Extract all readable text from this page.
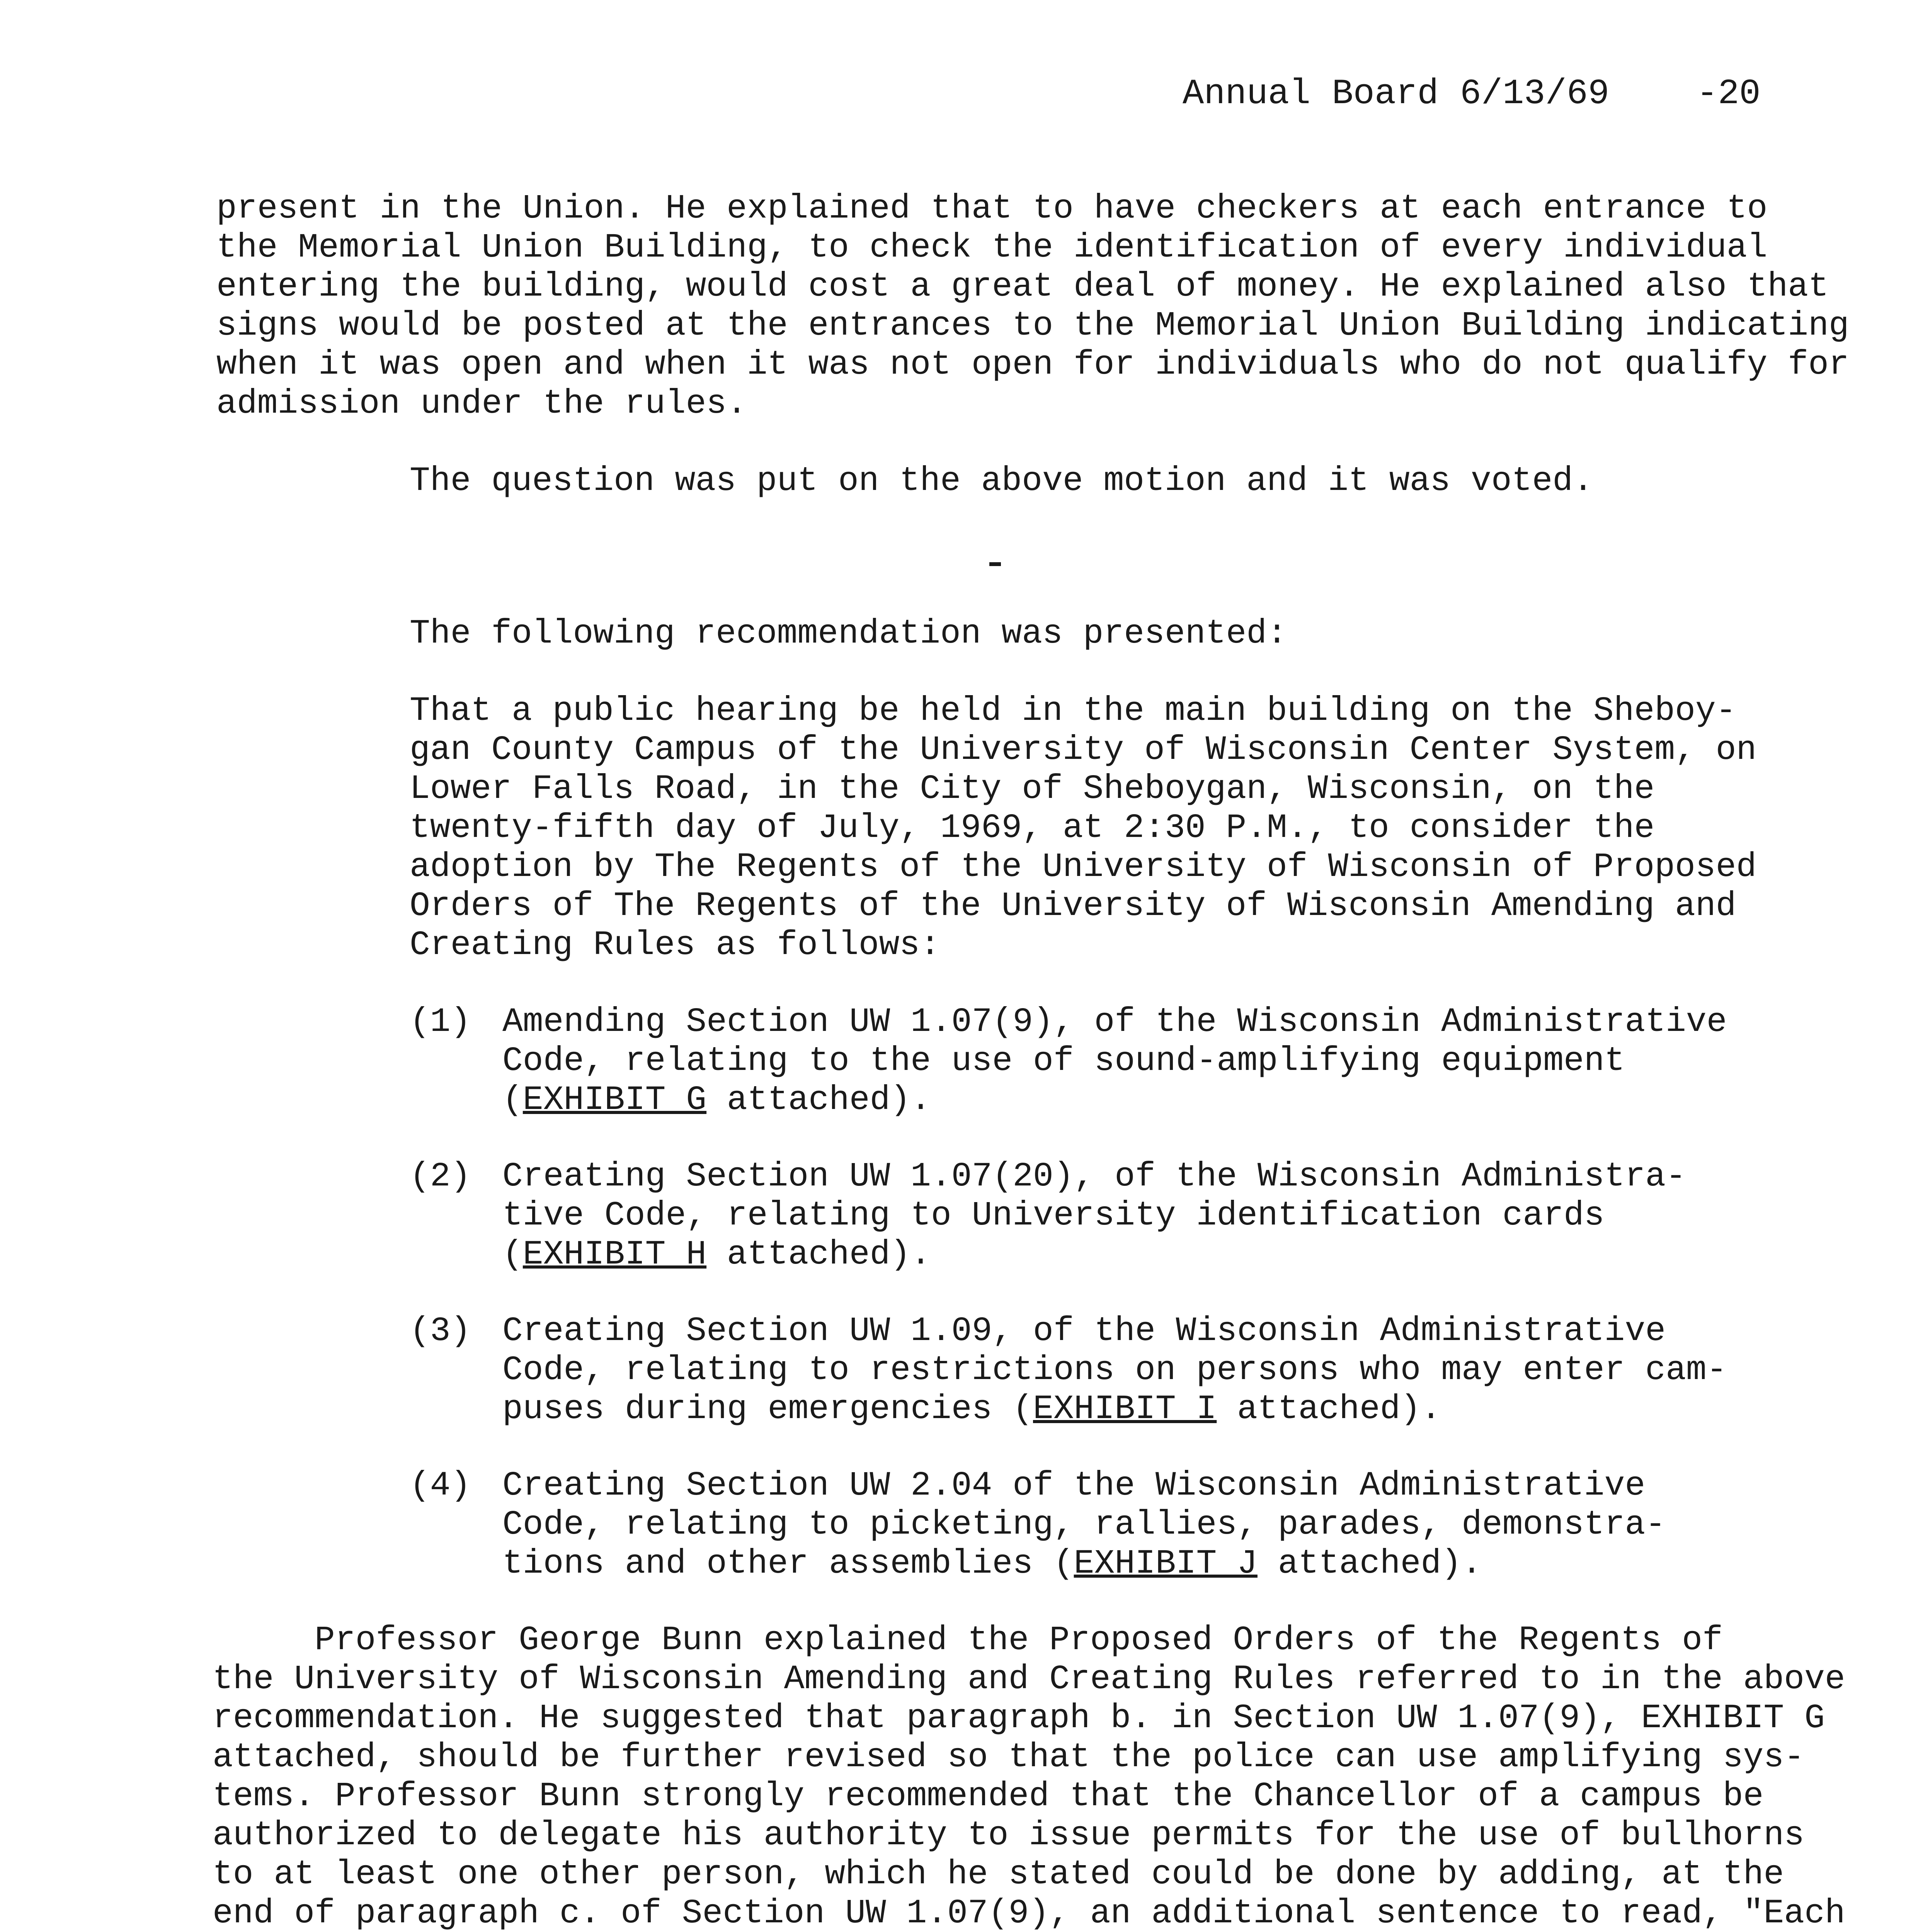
Annual Board 6/13/69 -20
present in the Union. He explained that to have checkers at each entrance to
the Memorial Union Building, to check the identification of every individual
entering the building, would cost a great deal of money. He explained also that
signs would be posted at the entrances to the Memorial Union Building indicating
when it was open and when it was not open for individuals who do not qualify for
admission under the rules.
The question was put on the above motion and it was voted.
The following recommendation was presented:
That a public hearing be held in the main building on the Sheboy-
gan County Campus of the University of Wisconsin Center System, on
Lower Falls Road, in the City of Sheboygan, Wisconsin, on the
twenty-fifth day of July, 1969, at 2:30 P.M., to consider the
adoption by The Regents of the University of Wisconsin of Proposed
Orders of The Regents of the University of Wisconsin Amending and
Creating Rules as follows:
(1) Amending Section UW 1.07(9), of the Wisconsin Administrative
Code, relating to the use of sound-amplifying equipment
(EXHIBIT G attached).
(2) Creating Section UW 1.07(20), of the Wisconsin Administra-
tive Code, relating to University identification cards
(EXHIBIT H attached).
(3) Creating Section UW 1.09, of the Wisconsin Administrative
Code, relating to restrictions on persons who may enter cam-
puses during emergencies (EXHIBIT I attached).
(4) Creating Section UW 2.04 of the Wisconsin Administrative
Code, relating to picketing, rallies, parades, demonstra-
tions and other assemblies (EXHIBIT J attached).
Professor George Bunn explained the Proposed Orders of the Regents of
the University of Wisconsin Amending and Creating Rules referred to in the above
recommendation. He suggested that paragraph b. in Section UW 1.07(9), EXHIBIT G
attached, should be further revised so that the police can use amplifying sys-
tems. Professor Bunn strongly recommended that the Chancellor of a campus be
authorized to delegate his authority to issue permits for the use of bullhorns
to at least one other person, which he stated could be done by adding, at the
end of paragraph c. of Section UW 1.07(9), an additional sentence to read, "Each
